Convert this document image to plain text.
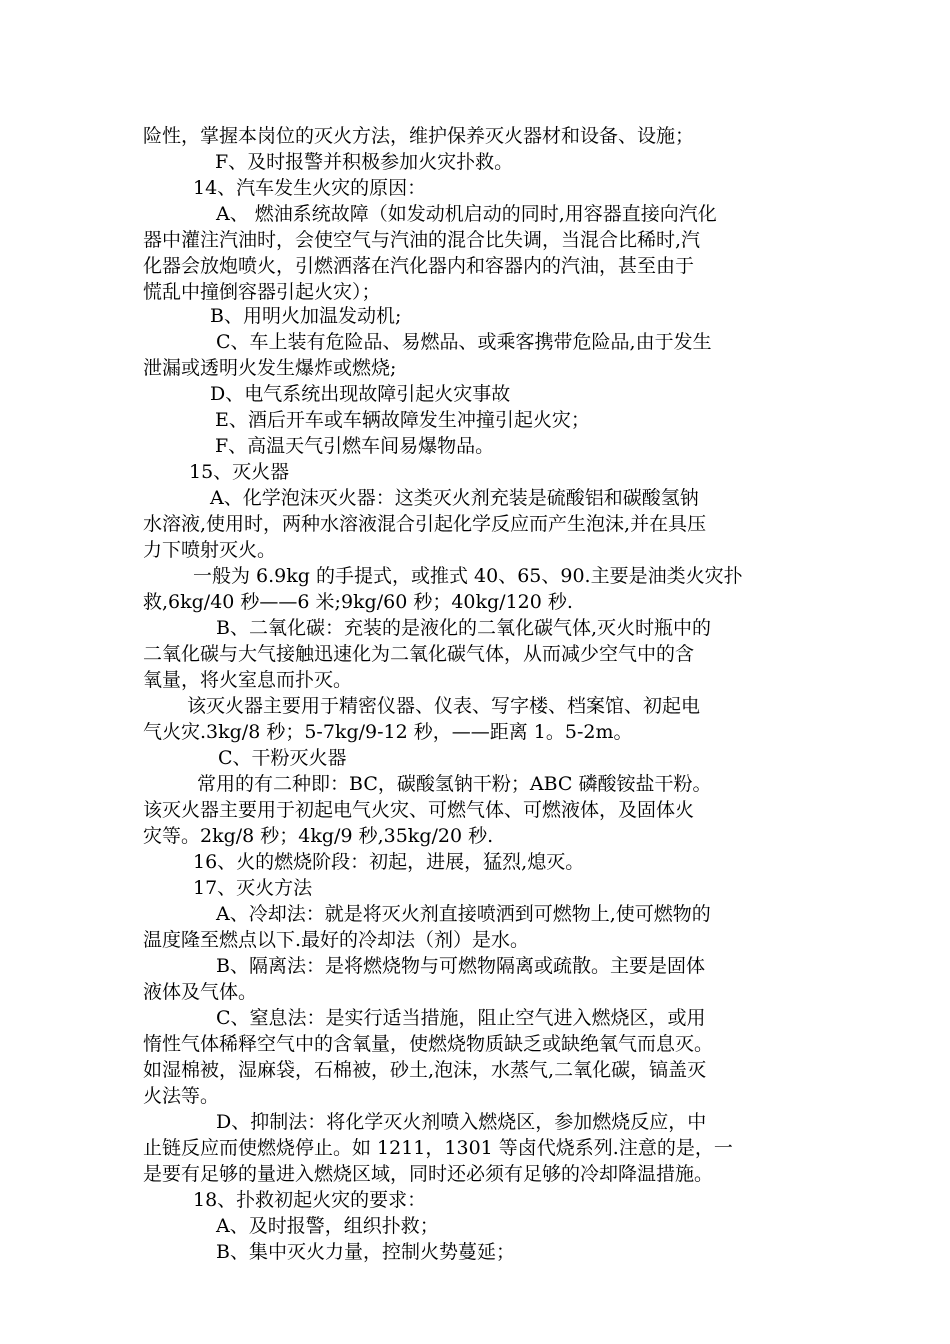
险性，掌握本岗位的灭火方法，维护保养灭火器材和设备、设施；
F、及时报警并积极参加火灾扑救。
14、汽车发生火灾的原因：
A、 燃油系统故障（如发动机启动的同时,用容器直接向汽化
器中灌注汽油时，会使空气与汽油的混合比失调，当混合比稀时,汽
化器会放炮喷火，引燃洒落在汽化器内和容器内的汽油，甚至由于
慌乱中撞倒容器引起火灾）；
B、用明火加温发动机;
C、车上装有危险品、易燃品、或乘客携带危险品,由于发生
泄漏或透明火发生爆炸或燃烧;
D、电气系统出现故障引起火灾事故
E、酒后开车或车辆故障发生冲撞引起火灾；
F、高温天气引燃车间易爆物品。
15、灭火器
A、化学泡沫灭火器：这类灭火剂充装是硫酸铝和碳酸氢钠
水溶液,使用时，两种水溶液混合引起化学反应而产生泡沫,并在具压
力下喷射灭火。
一般为 6.9kg 的手提式，或推式 40、65、90.主要是油类火灾扑
救,6kg/40 秒——6 米;9kg/60 秒；40kg/120 秒.
B、二氧化碳：充装的是液化的二氧化碳气体,灭火时瓶中的
二氧化碳与大气接触迅速化为二氧化碳气体，从而减少空气中的含
氧量，将火室息而扑灭。
该灭火器主要用于精密仪器、仪表、写字楼、档案馆、初起电
气火灾.3kg/8 秒；5-7kg/9-12 秒，——距离 1。5-2m。
C、干粉灭火器
常用的有二种即：BC，碳酸氢钠干粉；ABC 磷酸铵盐干粉。
该灭火器主要用于初起电气火灾、可燃气体、可燃液体，及固体火
灾等。2kg/8 秒；4kg/9 秒,35kg/20 秒.
16、火的燃烧阶段：初起，进展，猛烈,熄灭。
17、灭火方法
A、冷却法：就是将灭火剂直接喷洒到可燃物上,使可燃物的
温度隆至燃点以下.最好的冷却法（剂）是水。
B、隔离法：是将燃烧物与可燃物隔离或疏散。主要是固体
液体及气体。
C、窒息法：是实行适当措施，阻止空气进入燃烧区，或用
惰性气体稀释空气中的含氧量，使燃烧物质缺乏或缺绝氧气而息灭。
如湿棉被，湿麻袋，石棉被，砂土,泡沫，水蒸气,二氧化碳，镐盖灭
火法等。
D、抑制法：将化学灭火剂喷入燃烧区，参加燃烧反应，中
止链反应而使燃烧停止。如 1211，1301 等卤代烧系列.注意的是，一
是要有足够的量进入燃烧区域，同时还必须有足够的冷却降温措施。
18、扑救初起火灾的要求：
A、及时报警，组织扑救；
B、集中灭火力量，控制火势蔓延；
